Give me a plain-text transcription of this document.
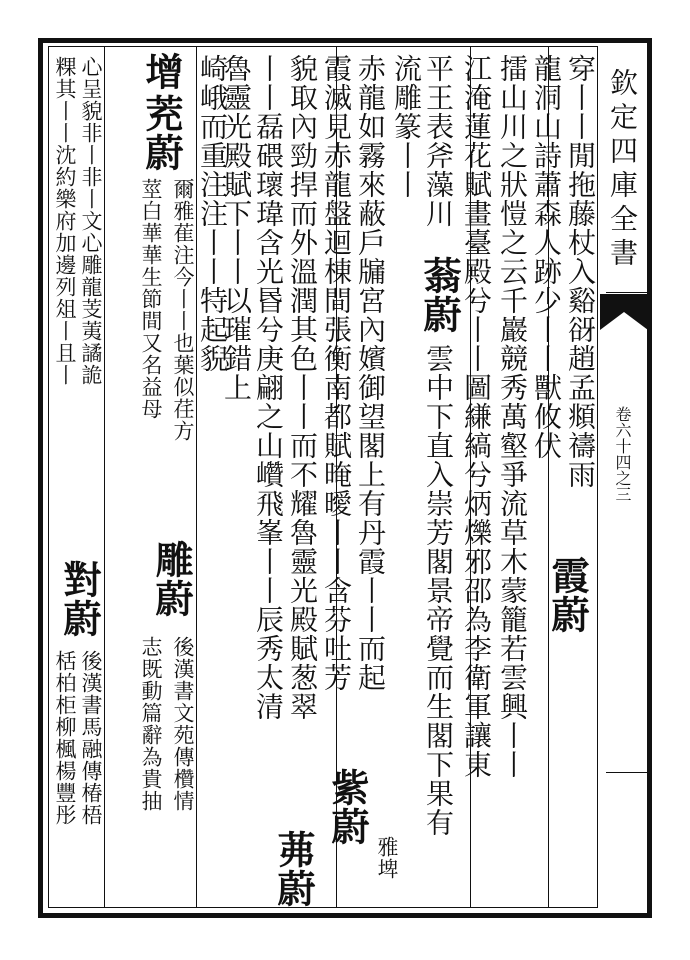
欽定四庫全書
卷六十四之三
穿丨丨閒拖藤杖入谿谺趙孟頫禱雨
龍洞山詩蕭森人跡少丨丨獸攸伏
霞蔚
擂山川之狀愷之云千巖競秀萬壑爭流草木蒙籠若雲興丨丨
江淹蓮花賦畫臺殿兮丨丨圖縑縞兮炳爍邪邵為李衛軍讓東
平王表斧藻川
蓊蔚
雲中下直入崇芳閣景帝覺而生閣下果有
流雕篆丨丨
赤龍如霧來蔽戶牖宮內嬪御望閣上有丹霞丨丨而起
霞滅見赤龍盤迴棟間張衡南都賦晻曖丨丨含芬吐芳
紫蔚
雅埤
貌取內勁捍而外溫潤其色丨丨而不耀魯靈光殿賦葱翠
丨丨磊碨瓌瑋含光昬兮庚翩之山巑飛峯丨丨辰秀太清
茀蔚
魯靈光殿賦下丨丨以璀錯上
崎峨而重注注丨丨特起貎
增
茺蔚
爾雅萑注今丨丨也葉似荏方
莖白華華生節間又名益母
雕蔚
後漢書文苑傳欑情
志既動篇辭為貴抽
心呈貌非丨非丨文心雕龍芰荑譎詭
粿其丨丨沈約樂府加邊列俎丨且丨
對蔚
後漢書馬融傳椿梧
栝柏柜柳楓楊豐彤
